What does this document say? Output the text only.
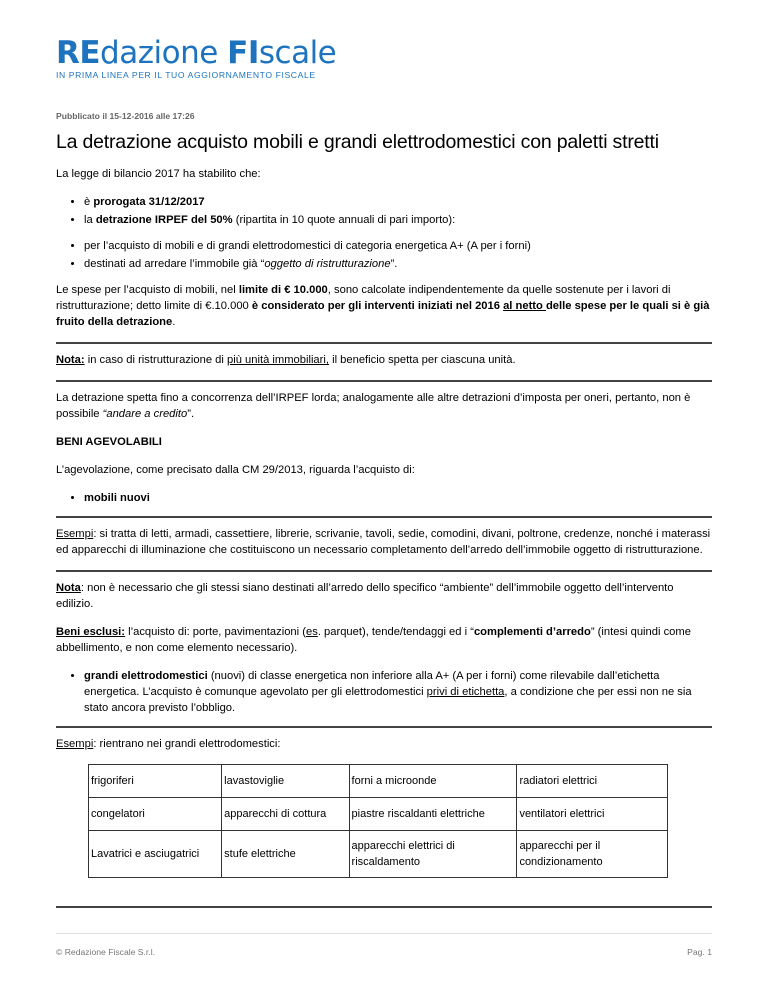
REdazione FIscale
IN PRIMA LINEA PER IL TUO AGGIORNAMENTO FISCALE
Pubblicato il 15-12-2016 alle 17:26
La detrazione acquisto mobili e grandi elettrodomestici con paletti stretti

La legge di bilancio 2017 ha stabilito che:

• è prorogata 31/12/2017
• la detrazione IRPEF del 50% (ripartita in 10 quote annuali di pari importo):
• per l’acquisto di mobili e di grandi elettrodomestici di categoria energetica A+ (A per i forni)
• destinati ad arredare l’immobile già “oggetto di ristrutturazione”.

Le spese per l’acquisto di mobili, nel limite di € 10.000, sono calcolate indipendentemente da quelle sostenute per i lavori di ristrutturazione; detto limite di €.10.000 è considerato per gli interventi iniziati nel 2016 al netto delle spese per le quali si è già fruito della detrazione.

Nota: in caso di ristrutturazione di più unità immobiliari, il beneficio spetta per ciascuna unità.

La detrazione spetta fino a concorrenza dell’IRPEF lorda; analogamente alle altre detrazioni d’imposta per oneri, pertanto, non è possibile “andare a credito”.

BENI AGEVOLABILI

L’agevolazione, come precisato dalla CM 29/2013, riguarda l’acquisto di:

• mobili nuovi

Esempi: si tratta di letti, armadi, cassettiere, librerie, scrivanie, tavoli, sedie, comodini, divani, poltrone, credenze, nonché i materassi ed apparecchi di illuminazione che costituiscono un necessario completamento dell’arredo dell’immobile oggetto di ristrutturazione.

Nota: non è necessario che gli stessi siano destinati all’arredo dello specifico “ambiente” dell’immobile oggetto dell’intervento edilizio.

Beni esclusi: l’acquisto di: porte, pavimentazioni (es. parquet), tende/tendaggi ed i “complementi d’arredo” (intesi quindi come abbellimento, e non come elemento necessario).

• grandi elettrodomestici (nuovi) di classe energetica non inferiore alla A+ (A per i forni) come rilevabile dall’etichetta energetica. L’acquisto è comunque agevolato per gli elettrodomestici privi di etichetta, a condizione che per essi non ne sia stato ancora previsto l’obbligo.

Esempi: rientrano nei grandi elettrodomestici:

frigoriferi	lavastoviglie	forni a microonde	radiatori elettrici
congelatori	apparecchi di cottura	piastre riscaldanti elettriche	ventilatori elettrici
Lavatrici e asciugatrici	stufe elettriche	apparecchi elettrici di riscaldamento	apparecchi per il condizionamento
© Redazione Fiscale S.r.l.	Pag. 1
